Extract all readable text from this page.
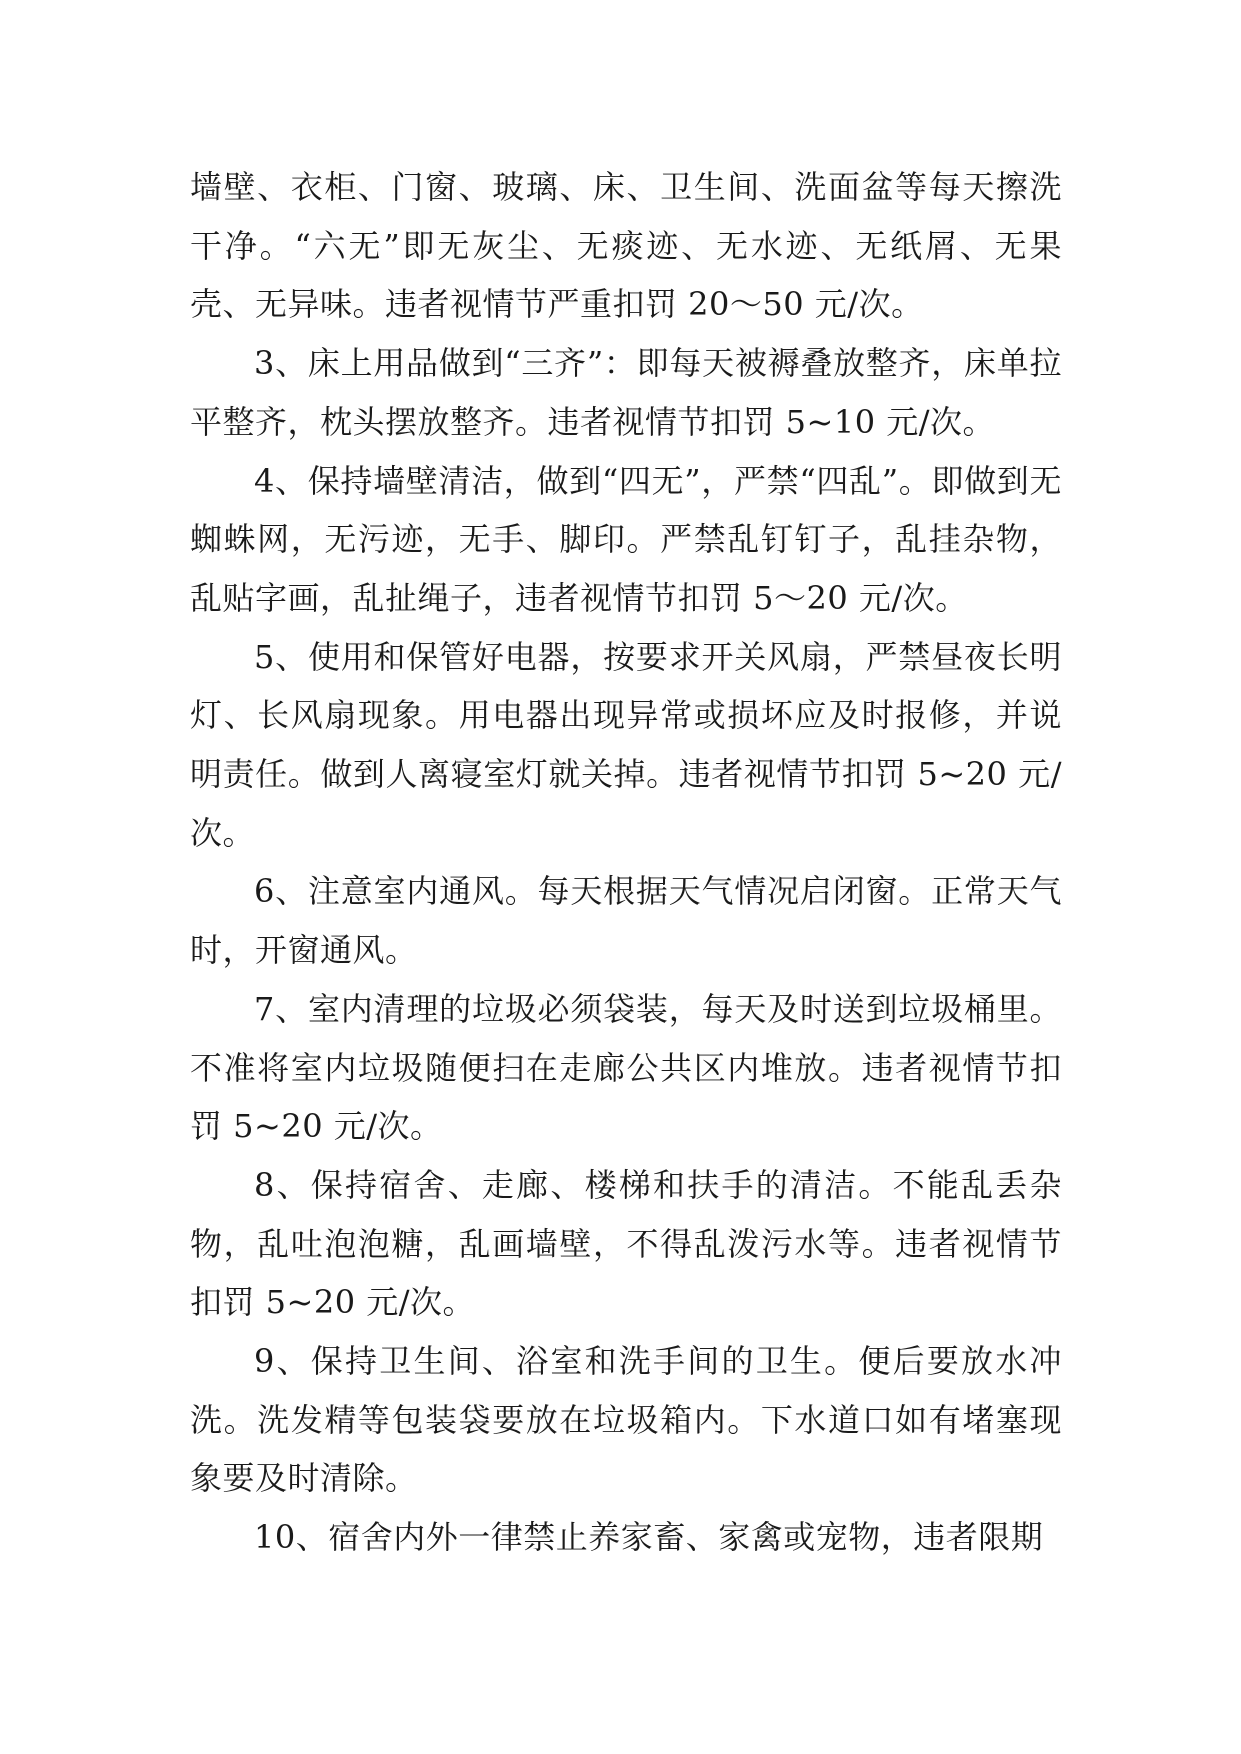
墙壁、衣柜、门窗、玻璃、床、卫生间、洗面盆等每天擦洗干净。“六无”即无灰尘、无痰迹、无水迹、无纸屑、无果壳、无异味。违者视情节严重扣罚 20～50 元/次。

3、床上用品做到“三齐”：即每天被褥叠放整齐，床单拉平整齐，枕头摆放整齐。违者视情节扣罚 5~10 元/次。

4、保持墙壁清洁，做到“四无”，严禁“四乱”。即做到无蜘蛛网，无污迹，无手、脚印。严禁乱钉钉子，乱挂杂物，乱贴字画，乱扯绳子，违者视情节扣罚 5～20 元/次。

5、使用和保管好电器，按要求开关风扇，严禁昼夜长明灯、长风扇现象。用电器出现异常或损坏应及时报修，并说明责任。做到人离寝室灯就关掉。违者视情节扣罚 5~20 元/次。

6、注意室内通风。每天根据天气情况启闭窗。正常天气时，开窗通风。

7、室内清理的垃圾必须袋装，每天及时送到垃圾桶里。不准将室内垃圾随便扫在走廊公共区内堆放。违者视情节扣罚 5~20 元/次。

8、保持宿舍、走廊、楼梯和扶手的清洁。不能乱丢杂物，乱吐泡泡糖，乱画墙壁，不得乱泼污水等。违者视情节扣罚 5~20 元/次。

9、保持卫生间、浴室和洗手间的卫生。便后要放水冲洗。洗发精等包装袋要放在垃圾箱内。下水道口如有堵塞现象要及时清除。

10、宿舍内外一律禁止养家畜、家禽或宠物，违者限期
